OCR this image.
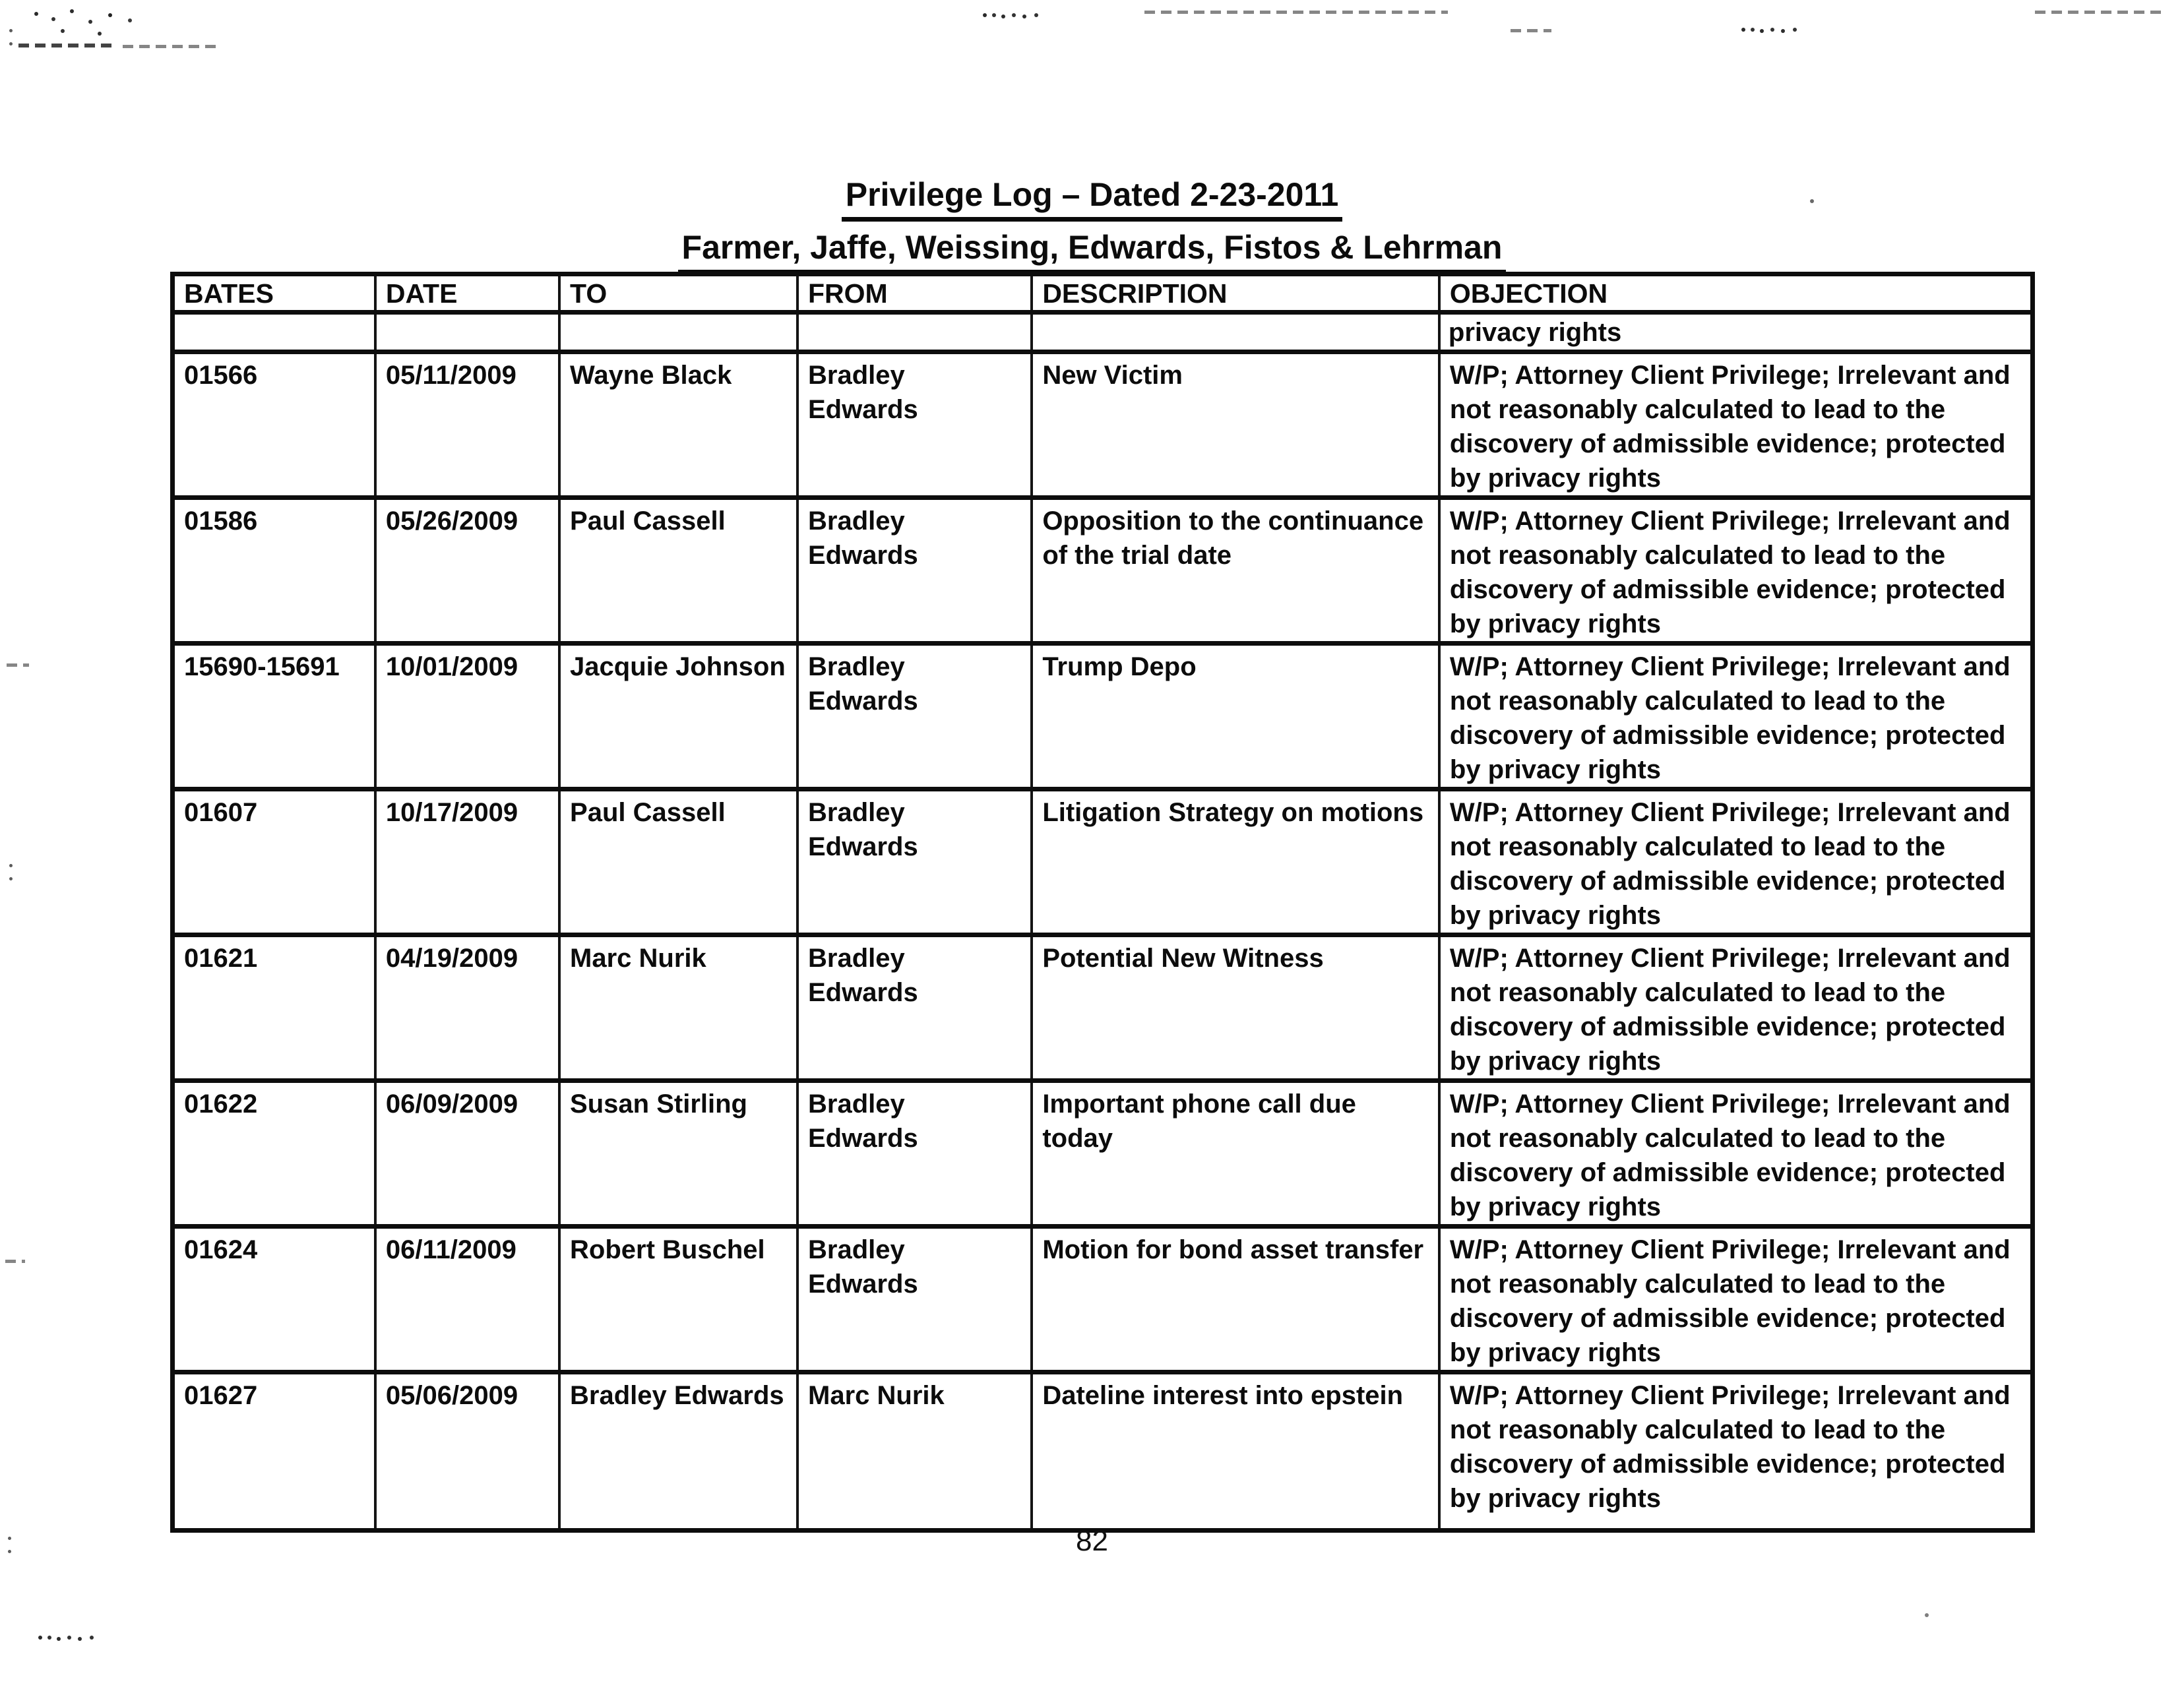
Privilege Log – Dated 2-23-2011
Farmer, Jaffe, Weissing, Edwards, Fistos & Lehrman
BATES	DATE	TO	FROM	DESCRIPTION	OBJECTION
					privacy rights
01566	05/11/2009	Wayne Black	Bradley Edwards	New Victim	W/P; Attorney Client Privilege; Irrelevant and not reasonably calculated to lead to the discovery of admissible evidence; protected by privacy rights
01586	05/26/2009	Paul Cassell	Bradley Edwards	Opposition to the continuance of the trial date	W/P; Attorney Client Privilege; Irrelevant and not reasonably calculated to lead to the discovery of admissible evidence; protected by privacy rights
15690-15691	10/01/2009	Jacquie Johnson	Bradley Edwards	Trump Depo	W/P; Attorney Client Privilege; Irrelevant and not reasonably calculated to lead to the discovery of admissible evidence; protected by privacy rights
01607	10/17/2009	Paul Cassell	Bradley Edwards	Litigation Strategy on motions	W/P; Attorney Client Privilege; Irrelevant and not reasonably calculated to lead to the discovery of admissible evidence; protected by privacy rights
01621	04/19/2009	Marc Nurik	Bradley Edwards	Potential New Witness	W/P; Attorney Client Privilege; Irrelevant and not reasonably calculated to lead to the discovery of admissible evidence; protected by privacy rights
01622	06/09/2009	Susan Stirling	Bradley Edwards	Important phone call due today	W/P; Attorney Client Privilege; Irrelevant and not reasonably calculated to lead to the discovery of admissible evidence; protected by privacy rights
01624	06/11/2009	Robert Buschel	Bradley Edwards	Motion for bond asset transfer	W/P; Attorney Client Privilege; Irrelevant and not reasonably calculated to lead to the discovery of admissible evidence; protected by privacy rights
01627	05/06/2009	Bradley Edwards	Marc Nurik	Dateline interest into epstein	W/P; Attorney Client Privilege; Irrelevant and not reasonably calculated to lead to the discovery of admissible evidence; protected by privacy rights
82
